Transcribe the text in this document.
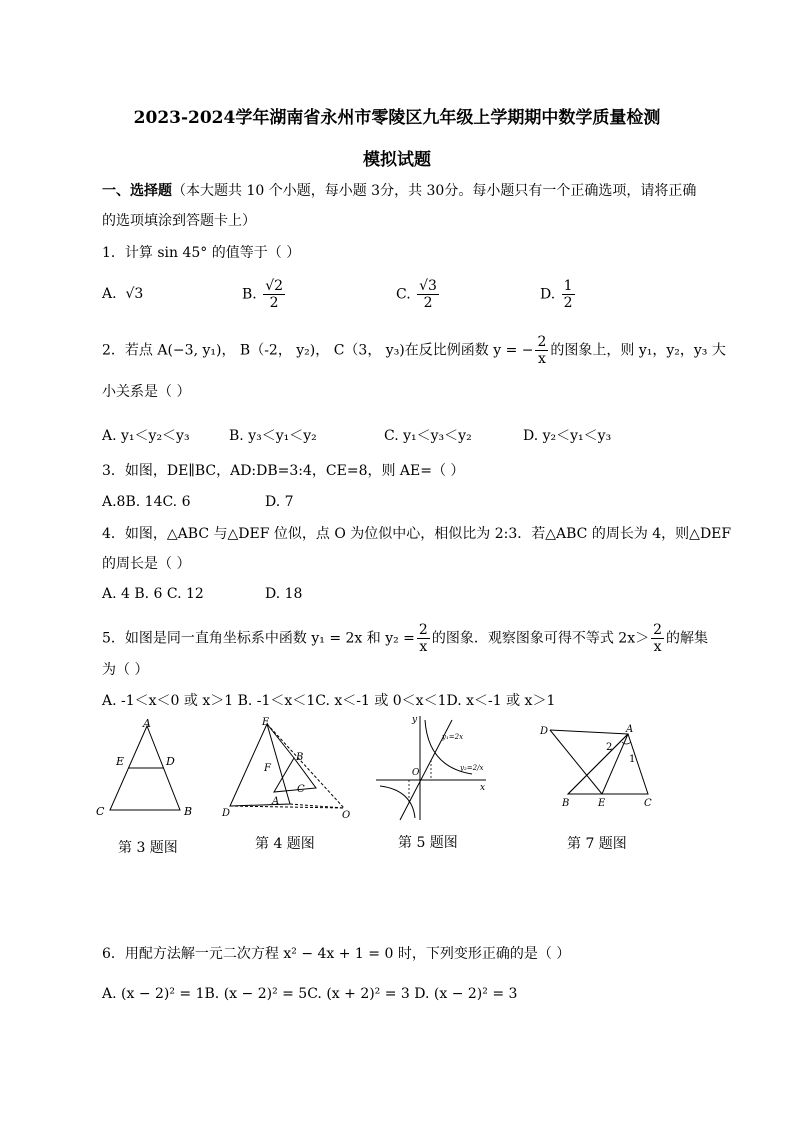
2023-2024学年湖南省永州市零陵区九年级上学期期中数学质量检测
模拟试题
一、选择题（本大题共 10 个小题，每小题 3分，共 30分。每小题只有一个正确选项，请将正确
的选项填涂到答题卡上）
1．计算 sin 45° 的值等于（ ）
A. √3	B. $\frac{√2}{2}$	C. $\frac{√3}{2}$	D. $\frac{1}{2}$
2．若点 A(−3, y₁)， B（-2， y₂)， C（3， y₃)在反比例函数 y = − $\frac{2}{x}$ 的图象上，则 y₁，y₂，y₃ 大
小关系是（ ）
A. y₁＜y₂＜y₃	B. y₃＜y₁＜y₂	C. y₁＜y₃＜y₂	D. y₂＜y₁＜y₃
3．如图，DE∥BC，AD:DB=3:4，CE=8，则 AE=（ ）
A.8B. 14C. 6	D. 7
4．如图，△ABC 与△DEF 位似，点 O 为位似中心，相似比为 2:3．若△ABC 的周长为 4，则△DEF
的周长是（ ）
A. 4 B. 6 C. 12	D. 18
5．如图是同一直角坐标系中函数 y₁ = 2x 和 $y_2 = \frac{2}{x}$ 的图象．观察图象可得不等式 $2x> \frac{2}{x}$ 的解集
为（ ）
A. -1＜x＜0 或 x＞1 B. -1＜x＜1C. x＜-1 或 0＜x＜1D. x＜-1 或 x＞1
A
E	D
C	B
第 3 题图
E
F
B
C
A
D	O
第 4 题图
y
x
O
y₁=2x
y₂=2/x
第 5 题图
D	A
2
1
B	E	C
第 7 题图
6．用配方法解一元二次方程 x² − 4x + 1 = 0 时，下列变形正确的是（ ）
A. (x − 2)² = 1B. (x − 2)² = 5C. (x + 2)² = 3 D. (x − 2)² = 3
